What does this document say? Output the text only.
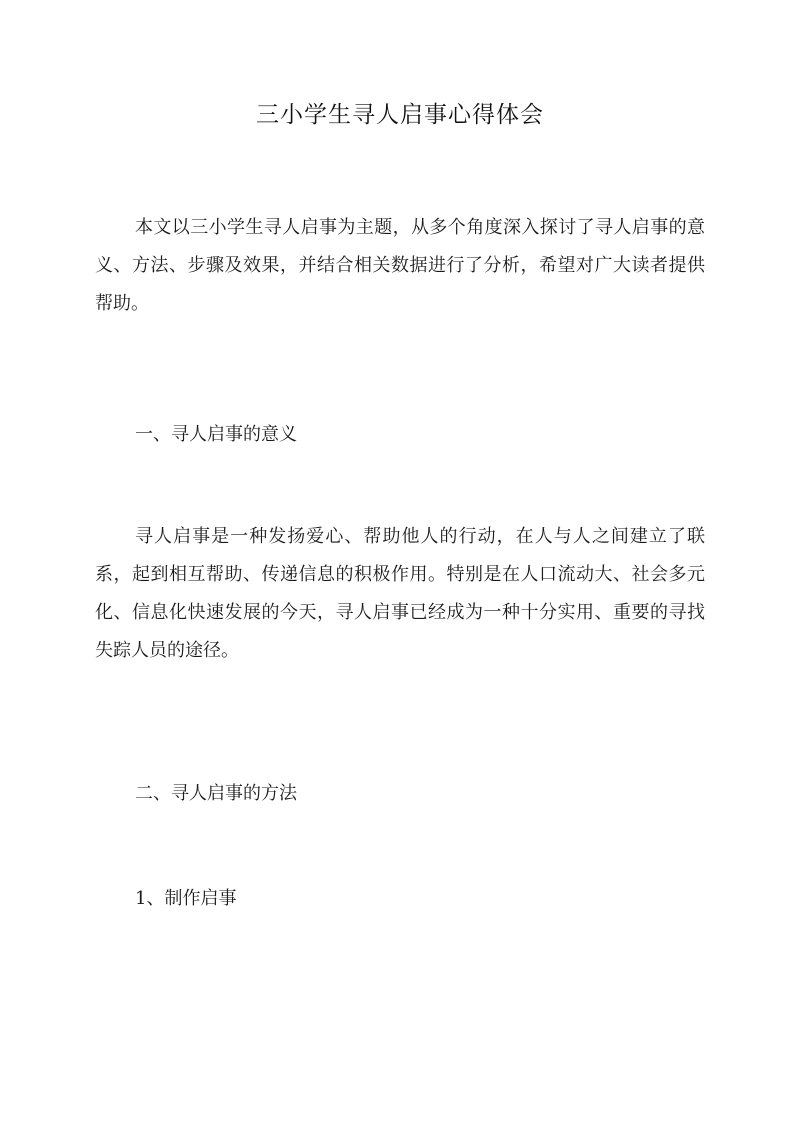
三小学生寻人启事心得体会
本文以三小学生寻人启事为主题，从多个角度深入探讨了寻人启事的意义、方法、步骤及效果，并结合相关数据进行了分析，希望对广大读者提供帮助。
一、寻人启事的意义
寻人启事是一种发扬爱心、帮助他人的行动，在人与人之间建立了联系，起到相互帮助、传递信息的积极作用。特别是在人口流动大、社会多元化、信息化快速发展的今天，寻人启事已经成为一种十分实用、重要的寻找失踪人员的途径。
二、寻人启事的方法
1、制作启事
